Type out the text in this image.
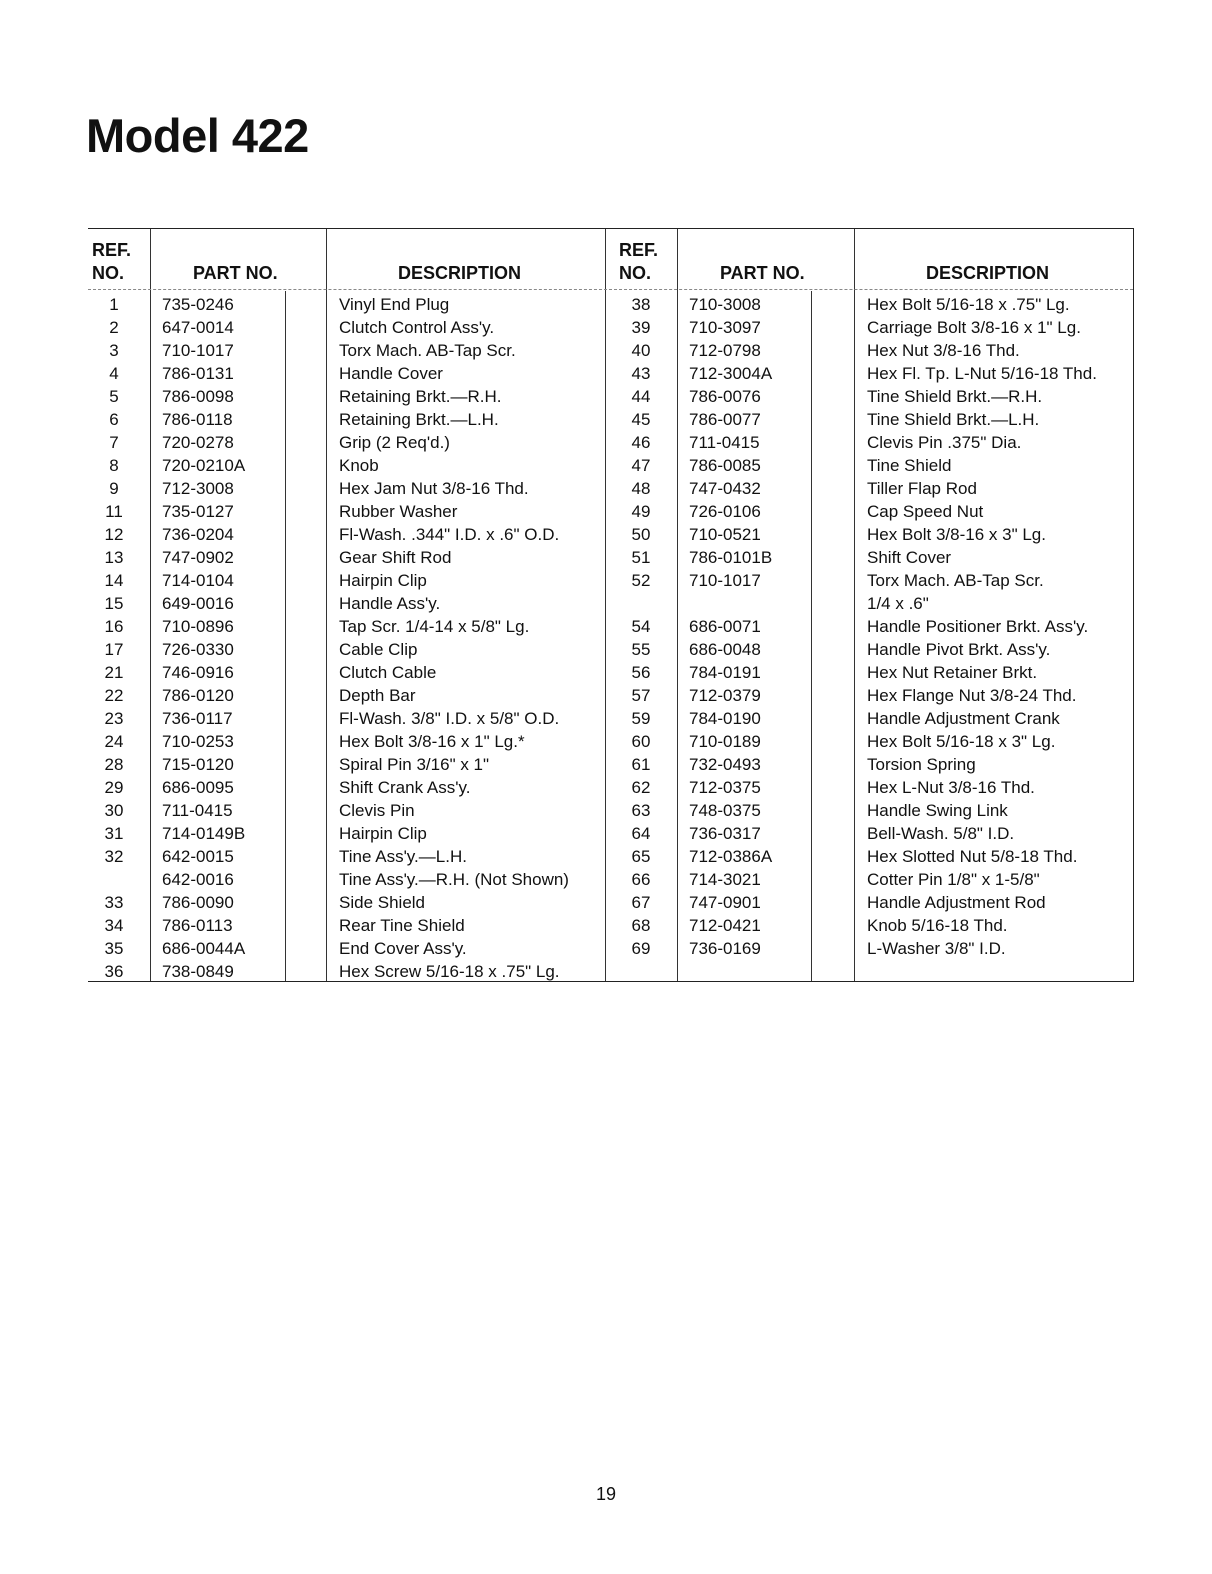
Model 422
REF.
NO.	PART NO.	DESCRIPTION
REF.
NO.	PART NO.	DESCRIPTION
1	735-0246	Vinyl End Plug
2	647-0014	Clutch Control Ass'y.
3	710-1017	Torx Mach. AB-Tap Scr.
4	786-0131	Handle Cover
5	786-0098	Retaining Brkt.—R.H.
6	786-0118	Retaining Brkt.—L.H.
7	720-0278	Grip (2 Req'd.)
8	720-0210A	Knob
9	712-3008	Hex Jam Nut 3/8-16 Thd.
11	735-0127	Rubber Washer
12	736-0204	Fl-Wash. .344" I.D. x .6" O.D.
13	747-0902	Gear Shift Rod
14	714-0104	Hairpin Clip
15	649-0016	Handle Ass'y.
16	710-0896	Tap Scr. 1/4-14 x 5/8" Lg.
17	726-0330	Cable Clip
21	746-0916	Clutch Cable
22	786-0120	Depth Bar
23	736-0117	Fl-Wash. 3/8" I.D. x 5/8" O.D.
24	710-0253	Hex Bolt 3/8-16 x 1" Lg.*
28	715-0120	Spiral Pin 3/16" x 1"
29	686-0095	Shift Crank Ass'y.
30	711-0415	Clevis Pin
31	714-0149B	Hairpin Clip
32	642-0015	Tine Ass'y.—L.H.
642-0016	Tine Ass'y.—R.H. (Not Shown)
33	786-0090	Side Shield
34	786-0113	Rear Tine Shield
35	686-0044A	End Cover Ass'y.
36	738-0849	Hex Screw 5/16-18 x .75" Lg.
38	710-3008	Hex Bolt 5/16-18 x .75" Lg.
39	710-3097	Carriage Bolt 3/8-16 x 1" Lg.
40	712-0798	Hex Nut 3/8-16 Thd.
43	712-3004A	Hex Fl. Tp. L-Nut 5/16-18 Thd.
44	786-0076	Tine Shield Brkt.—R.H.
45	786-0077	Tine Shield Brkt.—L.H.
46	711-0415	Clevis Pin .375" Dia.
47	786-0085	Tine Shield
48	747-0432	Tiller Flap Rod
49	726-0106	Cap Speed Nut
50	710-0521	Hex Bolt 3/8-16 x 3" Lg.
51	786-0101B	Shift Cover
52	710-1017	Torx Mach. AB-Tap Scr.
1/4 x .6"
54	686-0071	Handle Positioner Brkt. Ass'y.
55	686-0048	Handle Pivot Brkt. Ass'y.
56	784-0191	Hex Nut Retainer Brkt.
57	712-0379	Hex Flange Nut 3/8-24 Thd.
59	784-0190	Handle Adjustment Crank
60	710-0189	Hex Bolt 5/16-18 x 3" Lg.
61	732-0493	Torsion Spring
62	712-0375	Hex L-Nut 3/8-16 Thd.
63	748-0375	Handle Swing Link
64	736-0317	Bell-Wash. 5/8" I.D.
65	712-0386A	Hex Slotted Nut 5/8-18 Thd.
66	714-3021	Cotter Pin 1/8" x 1-5/8"
67	747-0901	Handle Adjustment Rod
68	712-0421	Knob 5/16-18 Thd.
69	736-0169	L-Washer 3/8" I.D.
19
